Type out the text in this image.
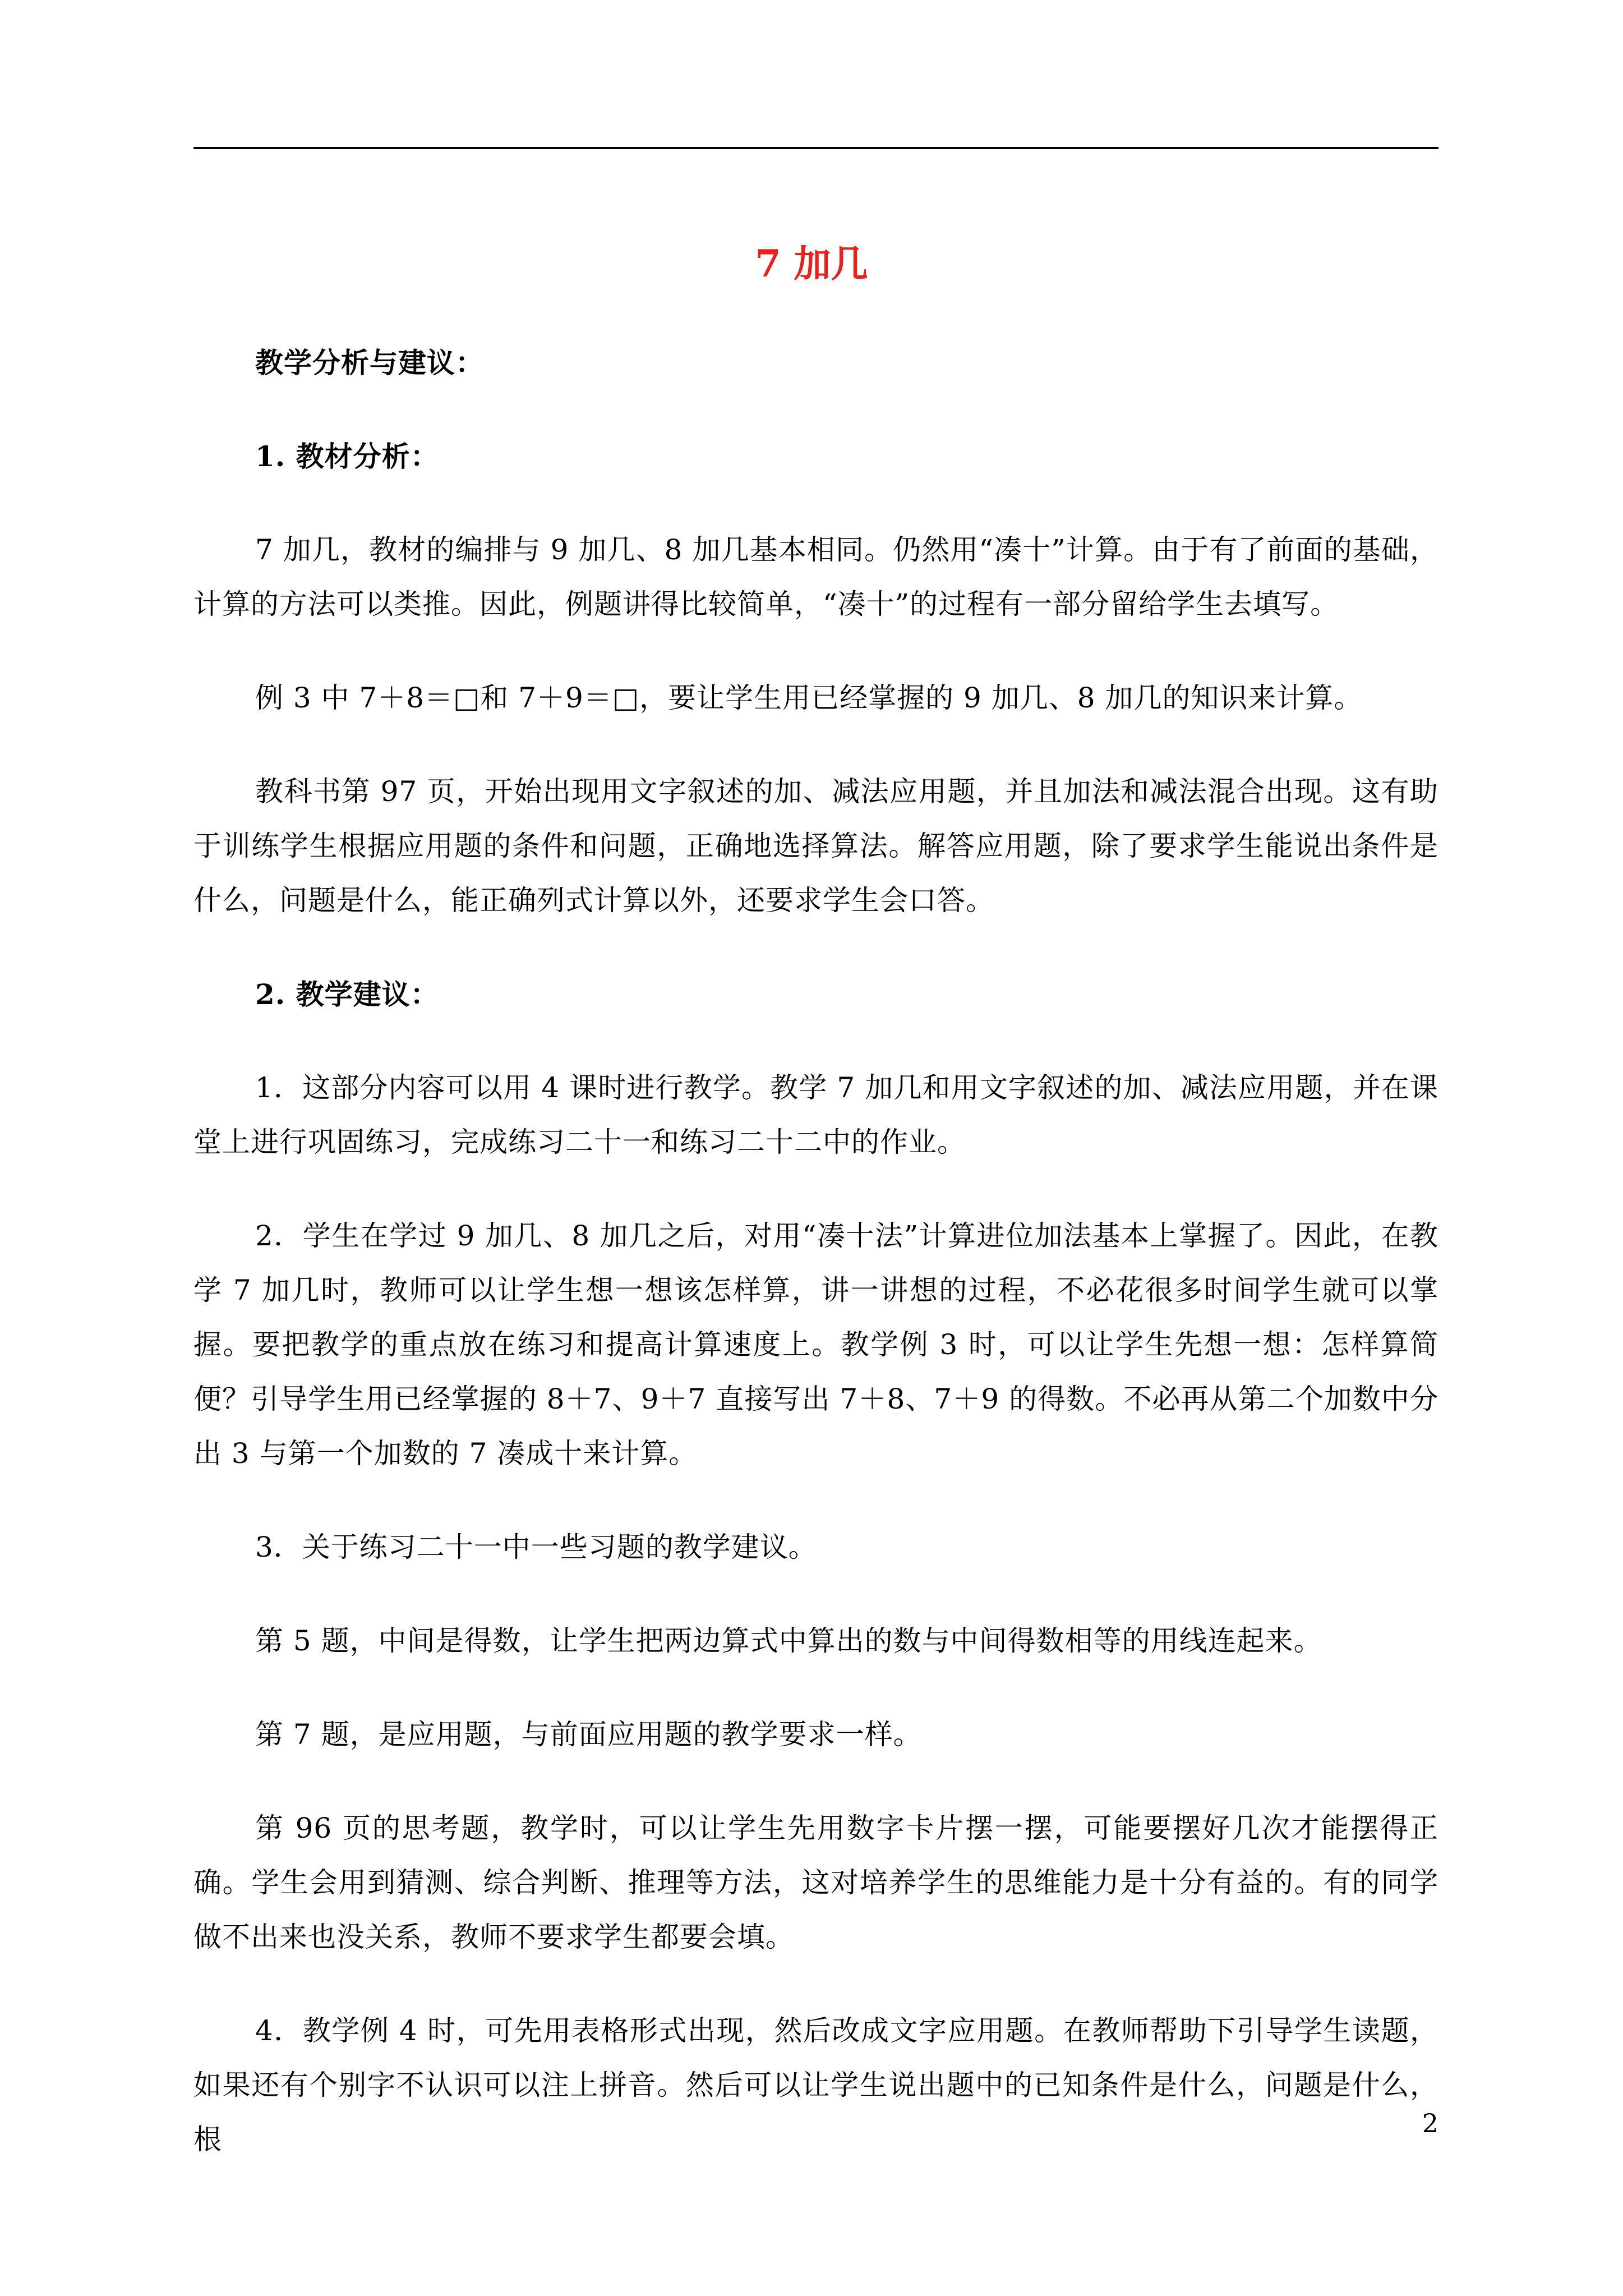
7 加几

教学分析与建议：

1. 教材分析：

7 加几，教材的编排与 9 加几、8 加几基本相同。仍然用“凑十”计算。由于有了前面的基础，计算的方法可以类推。因此，例题讲得比较简单，“凑十”的过程有一部分留给学生去填写。

例 3 中 7＋8＝□和 7＋9＝□，要让学生用已经掌握的 9 加几、8 加几的知识来计算。

教科书第 97 页，开始出现用文字叙述的加、减法应用题，并且加法和减法混合出现。这有助于训练学生根据应用题的条件和问题，正确地选择算法。解答应用题，除了要求学生能说出条件是什么，问题是什么，能正确列式计算以外，还要求学生会口答。

2. 教学建议：

1．这部分内容可以用 4 课时进行教学。教学 7 加几和用文字叙述的加、减法应用题，并在课堂上进行巩固练习，完成练习二十一和练习二十二中的作业。

2．学生在学过 9 加几、8 加几之后，对用“凑十法”计算进位加法基本上掌握了。因此，在教学 7 加几时，教师可以让学生想一想该怎样算，讲一讲想的过程，不必花很多时间学生就可以掌握。要把教学的重点放在练习和提高计算速度上。教学例 3 时，可以让学生先想一想：怎样算简便？引导学生用已经掌握的 8＋7、9＋7 直接写出 7＋8、7＋9 的得数。不必再从第二个加数中分出 3 与第一个加数的 7 凑成十来计算。

3．关于练习二十一中一些习题的教学建议。

第 5 题，中间是得数，让学生把两边算式中算出的数与中间得数相等的用线连起来。

第 7 题，是应用题，与前面应用题的教学要求一样。

第 96 页的思考题，教学时，可以让学生先用数字卡片摆一摆，可能要摆好几次才能摆得正确。学生会用到猜测、综合判断、推理等方法，这对培养学生的思维能力是十分有益的。有的同学做不出来也没关系，教师不要求学生都要会填。

4．教学例 4 时，可先用表格形式出现，然后改成文字应用题。在教师帮助下引导学生读题，如果还有个别字不认识可以注上拼音。然后可以让学生说出题中的已知条件是什么，问题是什么，根	2
